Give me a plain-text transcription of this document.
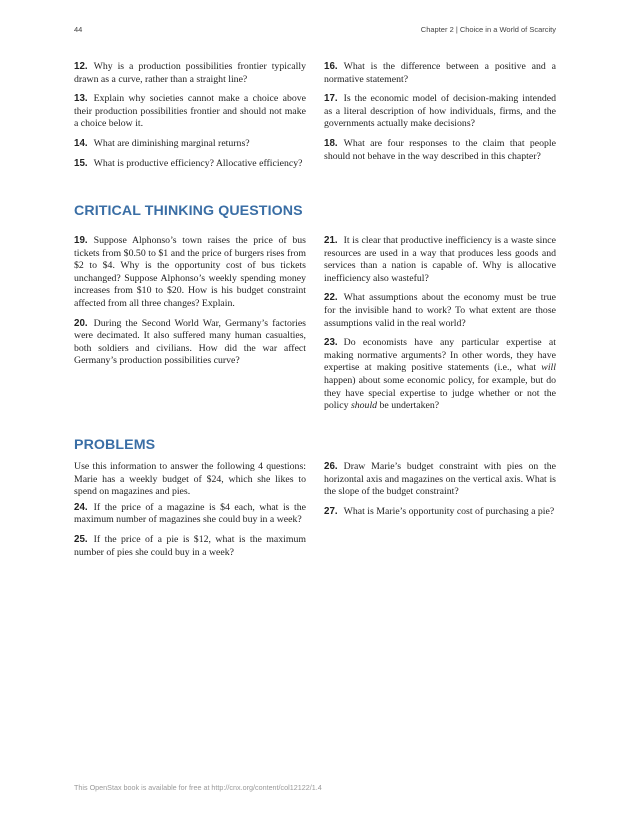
44	Chapter 2 | Choice in a World of Scarcity

12. Why is a production possibilities frontier typically drawn as a curve, rather than a straight line?

13. Explain why societies cannot make a choice above their production possibilities frontier and should not make a choice below it.

14. What are diminishing marginal returns?

15. What is productive efficiency? Allocative efficiency?

16. What is the difference between a positive and a normative statement?

17. Is the economic model of decision-making intended as a literal description of how individuals, firms, and the governments actually make decisions?

18. What are four responses to the claim that people should not behave in the way described in this chapter?

CRITICAL THINKING QUESTIONS

19. Suppose Alphonso’s town raises the price of bus tickets from $0.50 to $1 and the price of burgers rises from $2 to $4. Why is the opportunity cost of bus tickets unchanged? Suppose Alphonso’s weekly spending money increases from $10 to $20. How is his budget constraint affected from all three changes? Explain.

20. During the Second World War, Germany’s factories were decimated. It also suffered many human casualties, both soldiers and civilians. How did the war affect Germany’s production possibilities curve?

21. It is clear that productive inefficiency is a waste since resources are used in a way that produces less goods and services than a nation is capable of. Why is allocative inefficiency also wasteful?

22. What assumptions about the economy must be true for the invisible hand to work? To what extent are those assumptions valid in the real world?

23. Do economists have any particular expertise at making normative arguments? In other words, they have expertise at making positive statements (i.e., what will happen) about some economic policy, for example, but do they have special expertise to judge whether or not the policy should be undertaken?

PROBLEMS

Use this information to answer the following 4 questions: Marie has a weekly budget of $24, which she likes to spend on magazines and pies.

24. If the price of a magazine is $4 each, what is the maximum number of magazines she could buy in a week?

25. If the price of a pie is $12, what is the maximum number of pies she could buy in a week?

26. Draw Marie’s budget constraint with pies on the horizontal axis and magazines on the vertical axis. What is the slope of the budget constraint?

27. What is Marie’s opportunity cost of purchasing a pie?

This OpenStax book is available for free at http://cnx.org/content/col12122/1.4
